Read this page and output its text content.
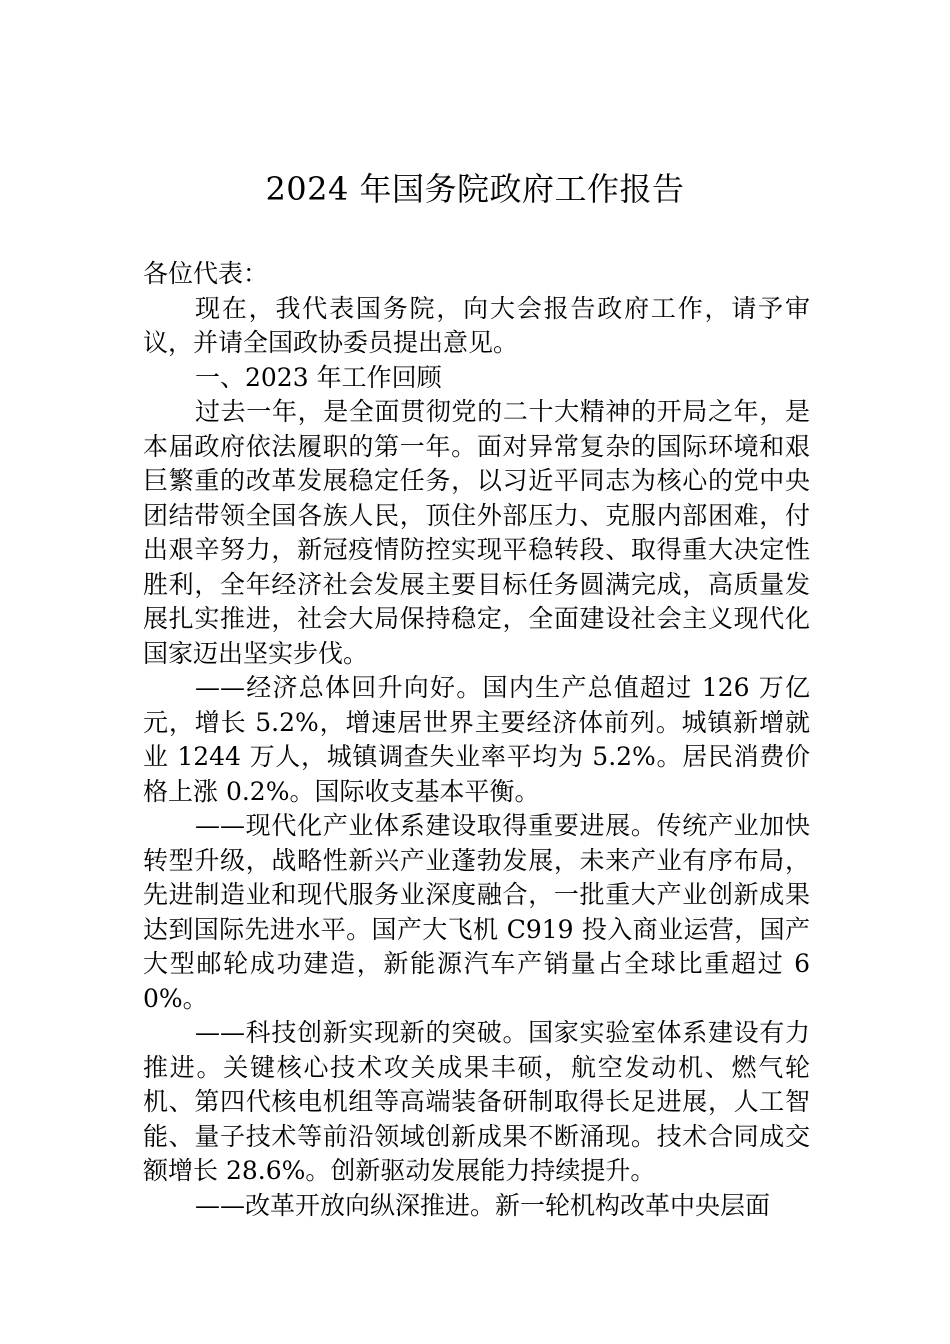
2024 年国务院政府工作报告

各位代表：

现在，我代表国务院，向大会报告政府工作，请予审议，并请全国政协委员提出意见。

一、2023 年工作回顾

过去一年，是全面贯彻党的二十大精神的开局之年，是本届政府依法履职的第一年。面对异常复杂的国际环境和艰巨繁重的改革发展稳定任务，以习近平同志为核心的党中央团结带领全国各族人民，顶住外部压力、克服内部困难，付出艰辛努力，新冠疫情防控实现平稳转段、取得重大决定性胜利，全年经济社会发展主要目标任务圆满完成，高质量发展扎实推进，社会大局保持稳定，全面建设社会主义现代化国家迈出坚实步伐。

——经济总体回升向好。国内生产总值超过 126 万亿元，增长 5.2%，增速居世界主要经济体前列。城镇新增就业 1244 万人，城镇调查失业率平均为 5.2%。居民消费价格上涨 0.2%。国际收支基本平衡。

——现代化产业体系建设取得重要进展。传统产业加快转型升级，战略性新兴产业蓬勃发展，未来产业有序布局，先进制造业和现代服务业深度融合，一批重大产业创新成果达到国际先进水平。国产大飞机 C919 投入商业运营，国产大型邮轮成功建造，新能源汽车产销量占全球比重超过 60%。

——科技创新实现新的突破。国家实验室体系建设有力推进。关键核心技术攻关成果丰硕，航空发动机、燃气轮机、第四代核电机组等高端装备研制取得长足进展，人工智能、量子技术等前沿领域创新成果不断涌现。技术合同成交额增长 28.6%。创新驱动发展能力持续提升。

——改革开放向纵深推进。新一轮机构改革中央层面
